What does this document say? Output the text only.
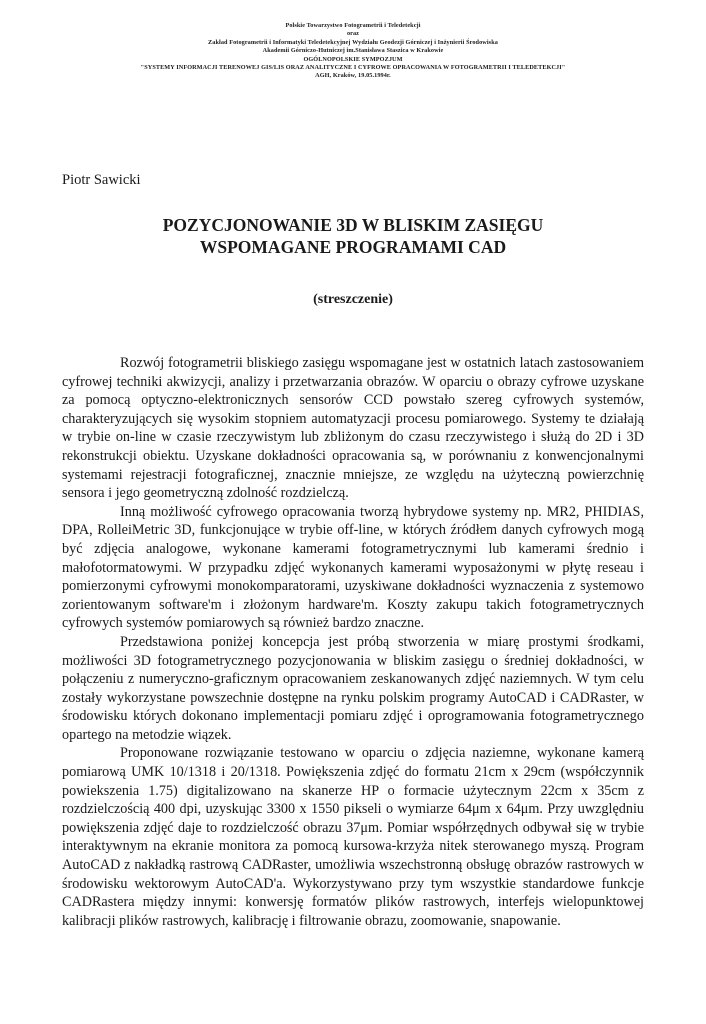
Polskie Towarzystwo Fotogrametrii i Teledetekcji
oraz
Zakład Fotogrametrii i Informatyki Teledetekcyjnej Wydziału Geodezji Górniczej i Inżynierii Środowiska
Akademii Górniczo-Hutniczej im.Stanisława Staszica w Krakowie
OGÓLNOPOLSKIE SYMPOZJUM
"SYSTEMY INFORMACJI TERENOWEJ GIS/LIS ORAZ ANALITYCZNE I CYFROWE OPRACOWANIA W FOTOGRAMETRII I TELEDETEKCJI"
AGH, Kraków, 19.05.1994r.
Piotr Sawicki
POZYCJONOWANIE 3D W BLISKIM ZASIĘGU
WSPOMAGANE PROGRAMAMI CAD
(streszczenie)

Rozwój fotogrametrii bliskiego zasięgu wspomagane jest w ostatnich latach zastosowaniem cyfrowej techniki akwizycji, analizy i przetwarzania obrazów. W oparciu o obrazy cyfrowe uzyskane za pomocą optyczno-elektronicznych sensorów CCD powstało szereg cyfrowych systemów, charakteryzujących się wysokim stopniem automatyzacji procesu pomiarowego. Systemy te działają w trybie on-line w czasie rzeczywistym lub zbliżonym do czasu rzeczywistego i służą do 2D i 3D rekonstrukcji obiektu. Uzyskane dokładności opracowania są, w porównaniu z konwencjonalnymi systemami rejestracji fotograficznej, znacznie mniejsze, ze względu na użyteczną powierzchnię sensora i jego geometryczną zdolność rozdzielczą.

Inną możliwość cyfrowego opracowania tworzą hybrydowe systemy np. MR2, PHIDIAS, DPA, RolleiMetric 3D, funkcjonujące w trybie off-line, w których źródłem danych cyfrowych mogą być zdjęcia analogowe, wykonane kamerami fotogrametrycznymi lub kamerami średnio i małofotormatowymi. W przypadku zdjęć wykonanych kamerami wyposażonymi w płytę reseau i pomierzonymi cyfrowymi monokomparatorami, uzyskiwane dokładności wyznaczenia z systemowo zorientowanym software'm i złożonym hardware'm. Koszty zakupu takich fotogrametrycznych cyfrowych systemów pomiarowych są również bardzo znaczne.

Przedstawiona poniżej koncepcja jest próbą stworzenia w miarę prostymi środkami, możliwości 3D fotogrametrycznego pozycjonowania w bliskim zasięgu o średniej dokładności, w połączeniu z numeryczno-graficznym opracowaniem zeskanowanych zdjęć naziemnych. W tym celu zostały wykorzystane powszechnie dostępne na rynku polskim programy AutoCAD i CADRaster, w środowisku których dokonano implementacji pomiaru zdjęć i oprogramowania fotogrametrycznego opartego na metodzie wiązek.

Proponowane rozwiązanie testowano w oparciu o zdjęcia naziemne, wykonane kamerą pomiarową UMK 10/1318 i 20/1318. Powiększenia zdjęć do formatu 21cm x 29cm (współczynnik powiekszenia 1.75) digitalizowano na skanerze HP o formacie użytecznym 22cm x 35cm z rozdzielczością 400 dpi, uzyskując 3300 x 1550 pikseli o wymiarze 64μm x 64μm. Przy uwzględniu powiększenia zdjęć daje to rozdzielczość obrazu 37μm. Pomiar współrzędnych odbywał się w trybie interaktywnym na ekranie monitora za pomocą kursowa-krzyża nitek sterowanego myszą. Program AutoCAD z nakładką rastrową CADRaster, umożliwia wszechstronną obsługę obrazów rastrowych w środowisku wektorowym AutoCAD'a. Wykorzystywano przy tym wszystkie standardowe funkcje CADRastera między innymi: konwersję formatów plików rastrowych, interfejs wielopunktowej kalibracji plików rastrowych, kalibrację i filtrowanie obrazu, zoomowanie, snapowanie.
